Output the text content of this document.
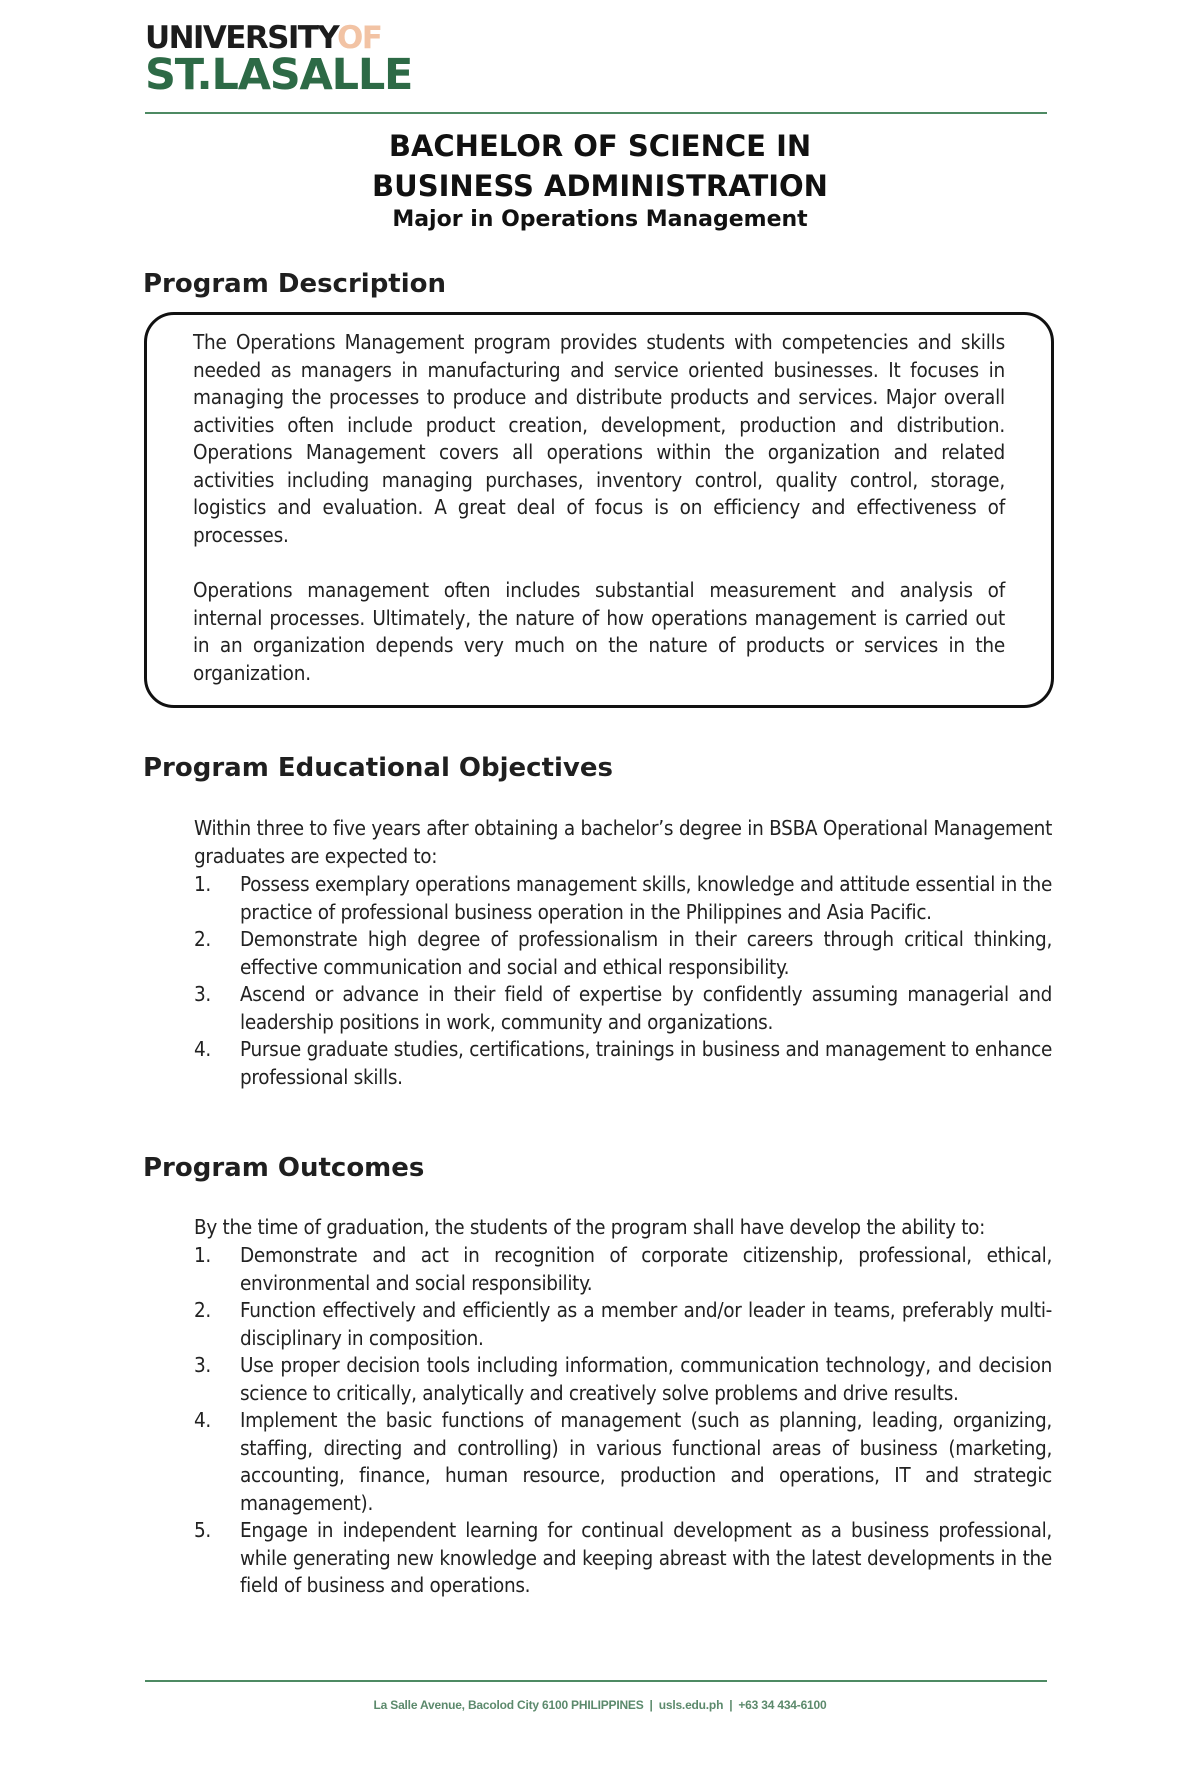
UNIVERSITYOF
ST.LASALLE
BACHELOR OF SCIENCE IN
BUSINESS ADMINISTRATION
Major in Operations Management
Program Description

The Operations Management program provides students with competencies and skills needed as managers in manufacturing and service oriented businesses. It focuses in managing the processes to produce and distribute products and services. Major overall activities often include product creation, development, production and distribution. Operations Management covers all operations within the organization and related activities including managing purchases, inventory control, quality control, storage, logistics and evaluation. A great deal of focus is on efficiency and effectiveness of processes.

Operations management often includes substantial measurement and analysis of internal processes. Ultimately, the nature of how operations management is carried out in an organization depends very much on the nature of products or services in the organization.

Program Educational Objectives

Within three to five years after obtaining a bachelor’s degree in BSBA Operational Management graduates are expected to:

1. Possess exemplary operations management skills, knowledge and attitude essential in the practice of professional business operation in the Philippines and Asia Pacific.
2. Demonstrate high degree of professionalism in their careers through critical thinking, effective communication and social and ethical responsibility.
3. Ascend or advance in their field of expertise by confidently assuming managerial and leadership positions in work, community and organizations.
4. Pursue graduate studies, certifications, trainings in business and management to enhance professional skills.
Program Outcomes

By the time of graduation, the students of the program shall have develop the ability to:

1. Demonstrate and act in recognition of corporate citizenship, professional, ethical, environmental and social responsibility.
2. Function effectively and efficiently as a member and/or leader in teams, preferably multi-disciplinary in composition.
3. Use proper decision tools including information, communication technology, and decision science to critically, analytically and creatively solve problems and drive results.
4. Implement the basic functions of management (such as planning, leading, organizing, staffing, directing and controlling) in various functional areas of business (marketing, accounting, finance, human resource, production and operations, IT and strategic management).
5. Engage in independent learning for continual development as a business professional, while generating new knowledge and keeping abreast with the latest developments in the field of business and operations.
La Salle Avenue, Bacolod City 6100 PHILIPPINES | usls.edu.ph | +63 34 434-6100
